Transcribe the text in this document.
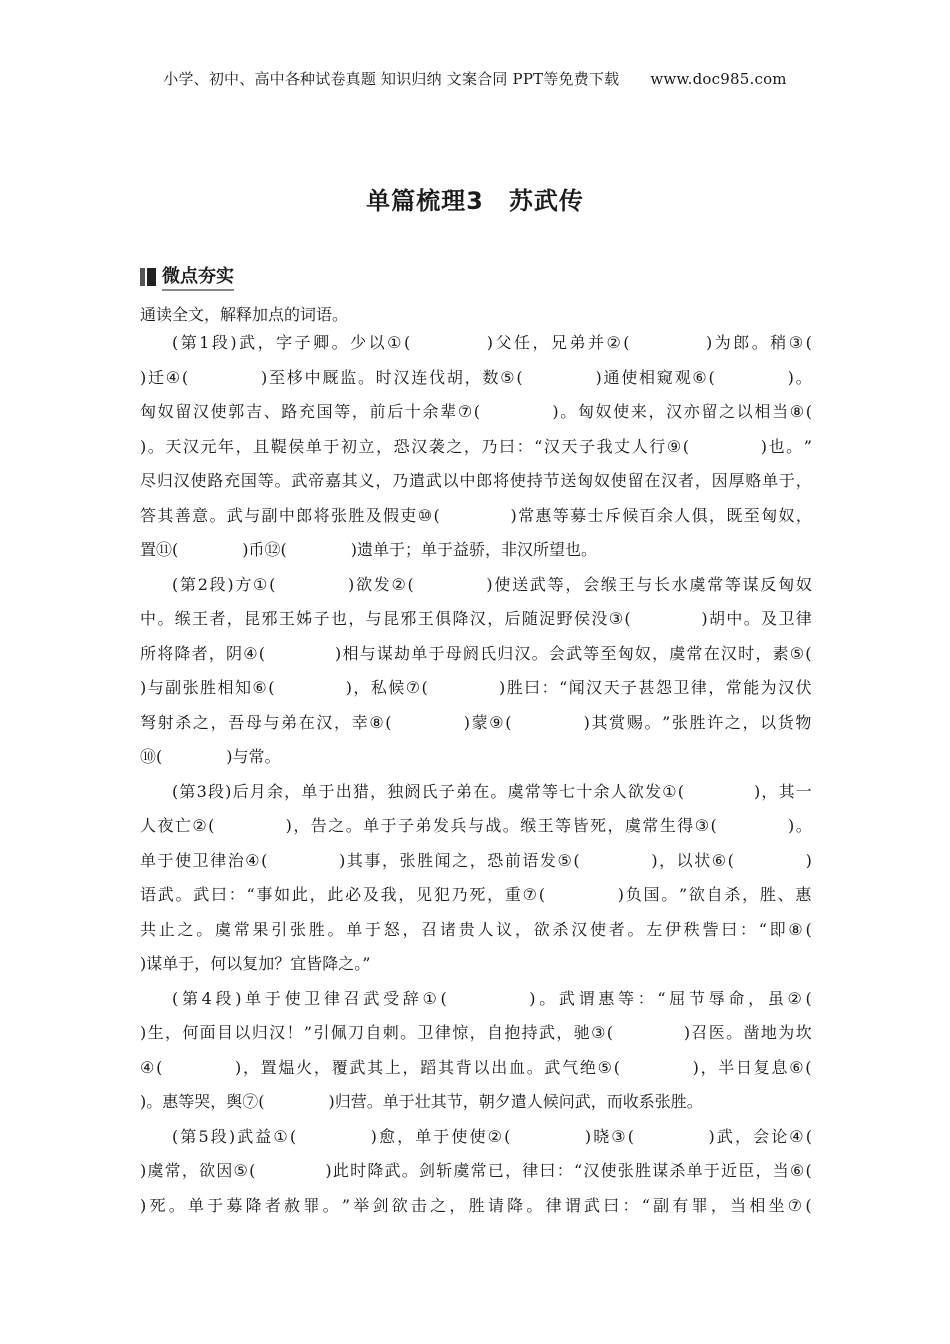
小学、初中、高中各种试卷真题 知识归纳 文案合同 PPT等免费下载 www.doc985.com
单篇梳理3　苏武传
微点夯实
通读全文，解释加点的词语。
　　( 第 1 段 ) 武 ， 字 子 卿 。 少 以 ① (

　	) 父 任 ， 兄 弟 并 ② (

　	) 为 郎 。 稍 ③ (
) 迁 ④ (

　	) 至 栘 中 厩 监 。 时 汉 连 伐 胡 ， 数 ⑤ (

　	) 通 使 相 窥 观 ⑥ (

　	) 。
匈 奴 留 汉 使 郭 吉 、 路 充 国 等 ， 前 后 十 余 辈 ⑦ (

　	) 。 匈 奴 使 来 ， 汉 亦 留 之 以 相 当 ⑧ (
) 。 天 汉 元 年 ， 且 鞮 侯 单 于 初 立 ， 恐 汉 袭 之 ， 乃 曰 ： “ 汉 天 子 我 丈 人 行 ⑨ (

　	) 也 。 ”
尽 归 汉 使 路 充 国 等 。 武 帝 嘉 其 义 ， 乃 遣 武 以 中 郎 将 使 持 节 送 匈 奴 使 留 在 汉 者 ， 因 厚 赂 单 于 ，
答 其 善 意 。 武 与 副 中 郎 将 张 胜 及 假 吏 ⑩ (

　	) 常 惠 等 募 士 斥 候 百 余 人 俱 ， 既 至 匈 奴 ，
置⑪(　　　　)币⑫(　　　　)遗单于；单于益骄，非汉所望也。
　　( 第 2 段 ) 方 ① (

　	) 欲 发 ② (

　	) 使 送 武 等 ， 会 缑 王 与 长 水 虞 常 等 谋 反 匈 奴
中 。 缑 王 者 ， 昆 邪 王 姊 子 也 ， 与 昆 邪 王 俱 降 汉 ， 后 随 浞 野 侯 没 ③ (

　	) 胡 中 。 及 卫 律
所 将 降 者 ， 阴 ④ (

　	) 相 与 谋 劫 单 于 母 阏 氏 归 汉 。 会 武 等 至 匈 奴 ， 虞 常 在 汉 时 ， 素 ⑤ (
) 与 副 张 胜 相 知 ⑥ (

　	) ， 私 候 ⑦ (

　	) 胜 曰 ： “ 闻 汉 天 子 甚 怨 卫 律 ， 常 能 为 汉 伏
弩 射 杀 之 ， 吾 母 与 弟 在 汉 ， 幸 ⑧ (

　	) 蒙 ⑨ (

　	) 其 赏 赐 。 ” 张 胜 许 之 ， 以 货 物
⑩(　　　　)与常。
　　( 第 3 段 ) 后 月 余 ， 单 于 出 猎 ， 独 阏 氏 子 弟 在 。 虞 常 等 七 十 余 人 欲 发 ① (

　	) ， 其 一
人 夜 亡 ② (

　	) ， 告 之 。 单 于 子 弟 发 兵 与 战 。 缑 王 等 皆 死 ， 虞 常 生 得 ③ (

　	) 。
单 于 使 卫 律 治 ④ (

　	) 其 事 ， 张 胜 闻 之 ， 恐 前 语 发 ⑤ (

　	) ， 以 状 ⑥ (

　	)
语 武 。 武 曰 ： “ 事 如 此 ， 此 必 及 我 ， 见 犯 乃 死 ， 重 ⑦ (

　	) 负 国 。 ” 欲 自 杀 ， 胜 、 惠
共 止 之 。 虞 常 果 引 张 胜 。 单 于 怒 ， 召 诸 贵 人 议 ， 欲 杀 汉 使 者 。 左 伊 秩 訾 曰 ： “ 即 ⑧ (
)谋单于，何以复加？宜皆降之。”
　　( 第 4 段 ) 单 于 使 卫 律 召 武 受 辞 ① (

　	) 。 武 谓 惠 等 ： “ 屈 节 辱 命 ， 虽 ② (
) 生 ， 何 面 目 以 归 汉 ！ ” 引 佩 刀 自 刺 。 卫 律 惊 ， 自 抱 持 武 ， 驰 ③ (

　	) 召 医 。 凿 地 为 坎
④ (

　	) ， 置 煴 火 ， 覆 武 其 上 ， 蹈 其 背 以 出 血 。 武 气 绝 ⑤ (

　	) ， 半 日 复 息 ⑥ (
)。惠等哭，舆⑦(　　　　)归营。单于壮其节，朝夕遣人候问武，而收系张胜。
　　( 第 5 段 ) 武 益 ① (

　	) 愈 ， 单 于 使 使 ② (

　	) 晓 ③ (

　	) 武 ， 会 论 ④ (
) 虞 常 ， 欲 因 ⑤ (

　	) 此 时 降 武 。 剑 斩 虞 常 已 ， 律 曰 ： “ 汉 使 张 胜 谋 杀 单 于 近 臣 ， 当 ⑥ (
) 死 。 单 于 募 降 者 赦 罪 。 ” 举 剑 欲 击 之 ， 胜 请 降 。 律 谓 武 曰 ： “ 副 有 罪 ， 当 相 坐 ⑦ (
